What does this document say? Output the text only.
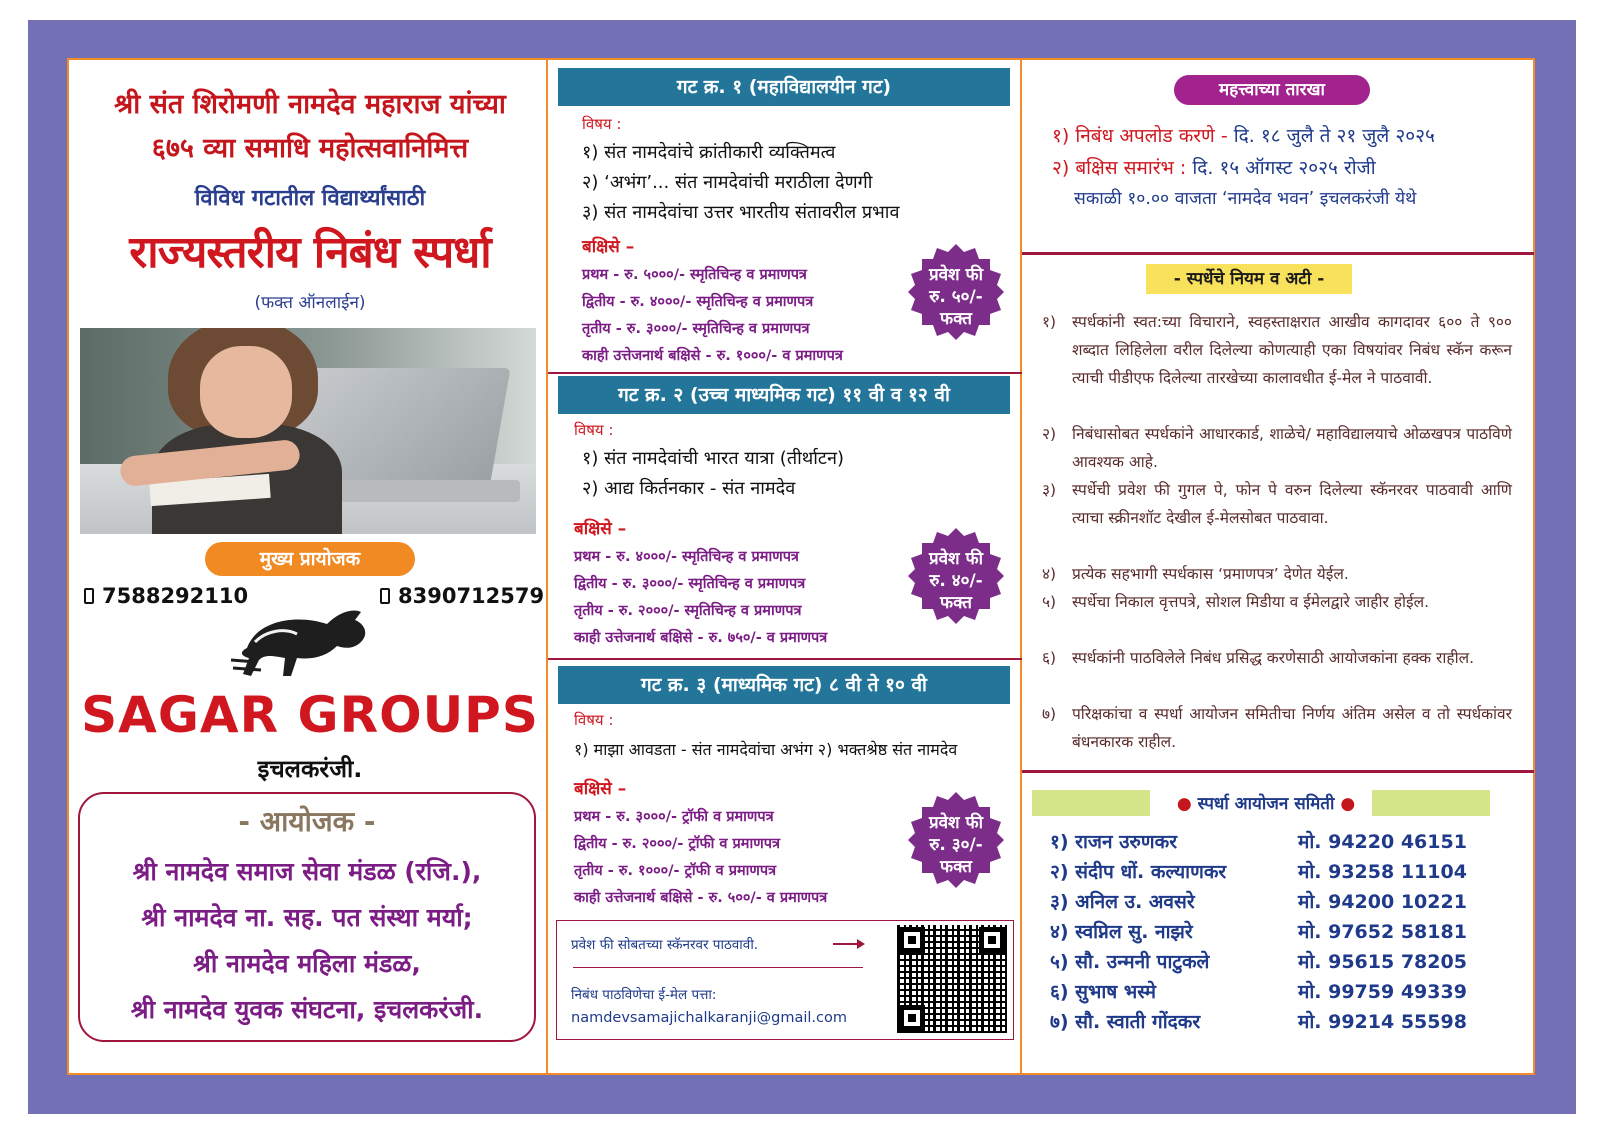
श्री संत शिरोमणी नामदेव महाराज यांच्या
६७५ व्या समाधि महोत्सवानिमित्त
विविध गटातील विद्यार्थ्यांसाठी
राज्यस्तरीय निबंध स्पर्धा
(फक्त ऑनलाईन)
मुख्य प्रायोजक
7588292110	8390712579
SAGAR GROUPS
इचलकरंजी.
- आयोजक -
श्री नामदेव समाज सेवा मंडळ (रजि.),
श्री नामदेव ना. सह. पत संस्था मर्या;
श्री नामदेव महिला मंडळ,
श्री नामदेव युवक संघटना, इचलकरंजी.
गट क्र. १ (महाविद्यालयीन गट)
विषय :
१) संत नामदेवांचे क्रांतीकारी व्यक्तिमत्व
२) ‘अभंग’... संत नामदेवांची मराठीला देणगी
३) संत नामदेवांचा उत्तर भारतीय संतावरील प्रभाव
बक्षिसे –
प्रथम - रु. ५०००/- स्मृतिचिन्ह व प्रमाणपत्र
द्वितीय - रु. ४०००/- स्मृतिचिन्ह व प्रमाणपत्र
तृतीय - रु. ३०००/- स्मृतिचिन्ह व प्रमाणपत्र
काही उत्तेजनार्थ बक्षिसे - रु. १०००/- व प्रमाणपत्र
प्रवेश फी
रु. ५०/-
फक्त
गट क्र. २ (उच्च माध्यमिक गट) ११ वी व १२ वी
विषय :
१) संत नामदेवांची भारत यात्रा (तीर्थाटन)
२) आद्य किर्तनकार - संत नामदेव
बक्षिसे –
प्रथम - रु. ४०००/- स्मृतिचिन्ह व प्रमाणपत्र
द्वितीय - रु. ३०००/- स्मृतिचिन्ह व प्रमाणपत्र
तृतीय - रु. २०००/- स्मृतिचिन्ह व प्रमाणपत्र
काही उत्तेजनार्थ बक्षिसे - रु. ७५०/- व प्रमाणपत्र
प्रवेश फी
रु. ४०/-
फक्त
गट क्र. ३ (माध्यमिक गट) ८ वी ते १० वी
विषय :
१) माझा आवडता - संत नामदेवांचा अभंग २) भक्तश्रेष्ठ संत नामदेव
बक्षिसे –
प्रथम - रु. ३०००/- ट्रॉफी व प्रमाणपत्र
द्वितीय - रु. २०००/- ट्रॉफी व प्रमाणपत्र
तृतीय - रु. १०००/- ट्रॉफी व प्रमाणपत्र
काही उत्तेजनार्थ बक्षिसे - रु. ५००/- व प्रमाणपत्र
प्रवेश फी
रु. ३०/-
फक्त
प्रवेश फी सोबतच्या स्कॅनरवर पाठवावी.
निबंध पाठविणेचा ई-मेल पत्ता:
namdevsamajichalkaranji@gmail.com
महत्त्वाच्या तारखा
१) निबंध अपलोड करणे - दि. १८ जुलै ते २१ जुलै २०२५
२) बक्षिस समारंभ : दि. १५ ऑगस्ट २०२५ रोजी
सकाळी १०.०० वाजता ‘नामदेव भवन’ इचलकरंजी येथे
- स्पर्धेचे नियम व अटी -
१)	स्पर्धकांनी स्वत:च्या विचाराने, स्वहस्ताक्षरात आखीव कागदावर ६०० ते ९०० शब्दात लिहिलेला वरील दिलेल्या कोणत्याही एका विषयांवर निबंध स्कॅन करून त्याची पीडीएफ दिलेल्या तारखेच्या कालावधीत ई-मेल ने पाठवावी.
२)	निबंधासोबत स्पर्धकांने आधारकार्ड, शाळेचे/ महाविद्यालयाचे ओळखपत्र पाठविणे आवश्यक आहे.
३)	स्पर्धेची प्रवेश फी गुगल पे, फोन पे वरुन दिलेल्या स्कॅनरवर पाठवावी आणि त्याचा स्क्रीनशॉट देखील ई-मेलसोबत पाठवावा.
४)	प्रत्येक सहभागी स्पर्धकास ‘प्रमाणपत्र’ देणेत येईल.
५)	स्पर्धेचा निकाल वृत्तपत्रे, सोशल मिडीया व ईमेलद्वारे जाहीर होईल.
६)	स्पर्धकांनी पाठविलेले निबंध प्रसिद्ध करणेसाठी आयोजकांना हक्क राहील.
७)	परिक्षकांचा व स्पर्धा आयोजन समितीचा निर्णय अंतिम असेल व तो स्पर्धकांवर बंधनकारक राहील.
● स्पर्धा आयोजन समिती ●
१) राजन उरुणकर	मो. 94220 46151
२) संदीप धों. कल्याणकर	मो. 93258 11104
३) अनिल उ. अवसरे	मो. 94200 10221
४) स्वप्निल सु. नाझरे	मो. 97652 58181
५) सौ. उन्मनी पाटुकले	मो. 95615 78205
६) सुभाष भस्मे	मो. 99759 49339
७) सौ. स्वाती गोंदकर	मो. 99214 55598
